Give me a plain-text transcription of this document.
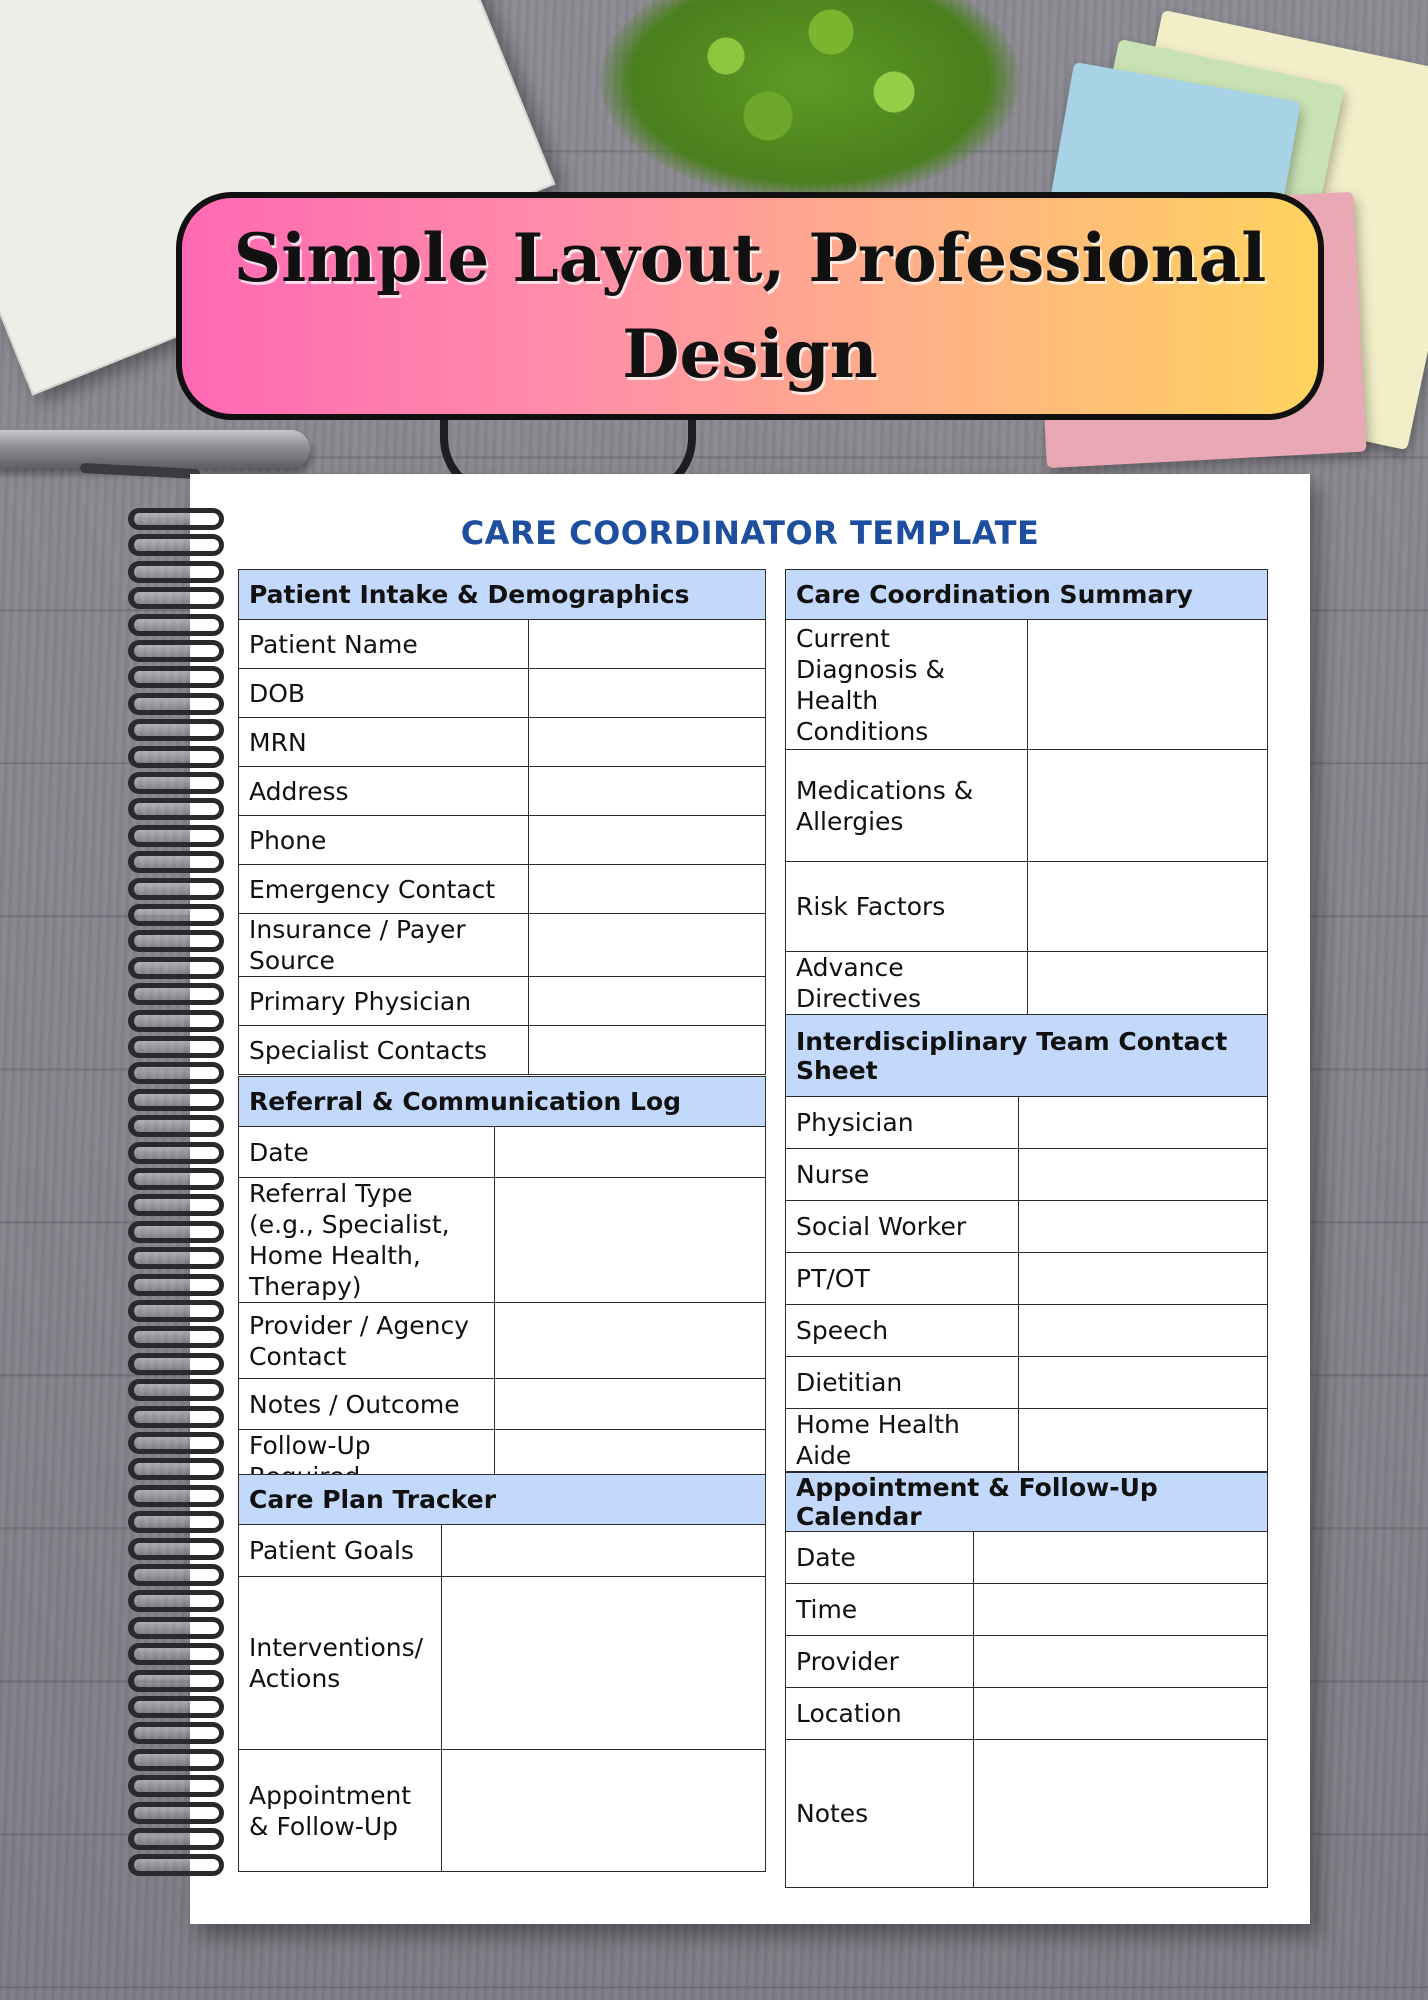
Simple Layout, Professional Design
CARE COORDINATOR TEMPLATE
Patient Intake & Demographics	
Patient Name	
DOB	
MRN	
Address	
Phone	
Emergency Contact	
Insurance / Payer Source	
Primary Physician	
Specialist Contacts	
Referral & Communication Log	
Date	
Referral Type (e.g., Specialist, Home Health, Therapy)	
Provider / Agency Contact	
Notes / Outcome	
Follow-Up	
Care Plan Tracker	
Patient Goals	
Interventions/ Actions	
Appointment & Follow-Up	
Care Coordination Summary	
Current Diagnosis & Health Conditions	
Medications & Allergies	
Risk Factors	
Advance Directives	
Interdisciplinary Team Contact Sheet	
Physician	
Nurse	
Social Worker	
PT/OT	
Speech	
Dietitian	
Home Health Aide	
Appointment & Follow-Up Calendar	
Date	
Time	
Provider	
Location	
Notes	
